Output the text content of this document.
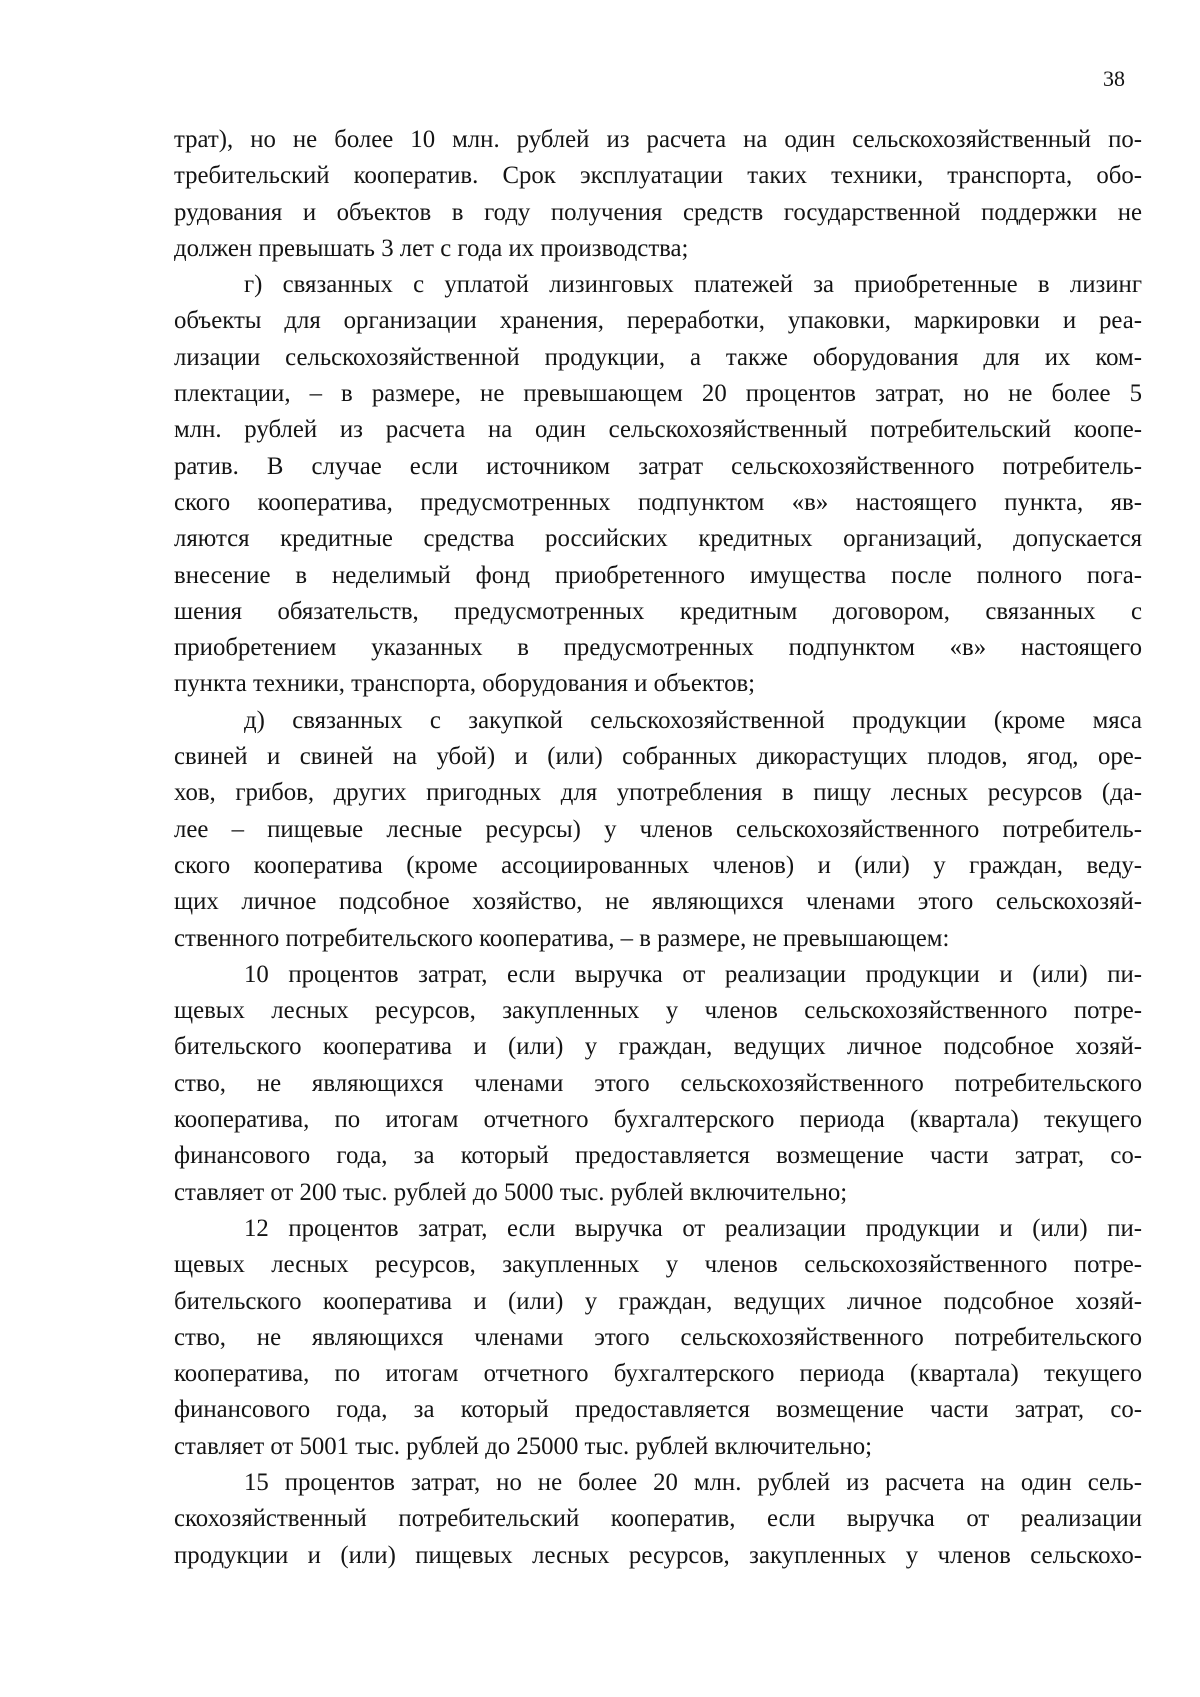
38
трат), но не более 10 млн. рублей из расчета на один сельскохозяйственный по-
требительский кооператив. Срок эксплуатации таких техники, транспорта, обо-
рудования и объектов в году получения средств государственной поддержки не
должен превышать 3 лет с года их производства;
г) связанных с уплатой лизинговых платежей за приобретенные в лизинг
объекты для организации хранения, переработки, упаковки, маркировки и реа-
лизации сельскохозяйственной продукции, а также оборудования для их ком-
плектации, – в размере, не превышающем 20 процентов затрат, но не более 5
млн. рублей из расчета на один сельскохозяйственный потребительский коопе-
ратив. В случае если источником затрат сельскохозяйственного потребитель-
ского кооператива, предусмотренных подпунктом «в» настоящего пункта, яв-
ляются кредитные средства российских кредитных организаций, допускается
внесение в неделимый фонд приобретенного имущества после полного пога-
шения обязательств, предусмотренных кредитным договором, связанных с
приобретением указанных в предусмотренных подпунктом «в» настоящего
пункта техники, транспорта, оборудования и объектов;
д) связанных с закупкой сельскохозяйственной продукции (кроме мяса
свиней и свиней на убой) и (или) собранных дикорастущих плодов, ягод, оре-
хов, грибов, других пригодных для употребления в пищу лесных ресурсов (да-
лее – пищевые лесные ресурсы) у членов сельскохозяйственного потребитель-
ского кооператива (кроме ассоциированных членов) и (или) у граждан, веду-
щих личное подсобное хозяйство, не являющихся членами этого сельскохозяй-
ственного потребительского кооператива, – в размере, не превышающем:
10 процентов затрат, если выручка от реализации продукции и (или) пи-
щевых лесных ресурсов, закупленных у членов сельскохозяйственного потре-
бительского кооператива и (или) у граждан, ведущих личное подсобное хозяй-
ство, не являющихся членами этого сельскохозяйственного потребительского
кооператива, по итогам отчетного бухгалтерского периода (квартала) текущего
финансового года, за который предоставляется возмещение части затрат, со-
ставляет от 200 тыс. рублей до 5000 тыс. рублей включительно;
12 процентов затрат, если выручка от реализации продукции и (или) пи-
щевых лесных ресурсов, закупленных у членов сельскохозяйственного потре-
бительского кооператива и (или) у граждан, ведущих личное подсобное хозяй-
ство, не являющихся членами этого сельскохозяйственного потребительского
кооператива, по итогам отчетного бухгалтерского периода (квартала) текущего
финансового года, за который предоставляется возмещение части затрат, со-
ставляет от 5001 тыс. рублей до 25000 тыс. рублей включительно;
15 процентов затрат, но не более 20 млн. рублей из расчета на один сель-
скохозяйственный потребительский кооператив, если выручка от реализации
продукции и (или) пищевых лесных ресурсов, закупленных у членов сельскохо-
